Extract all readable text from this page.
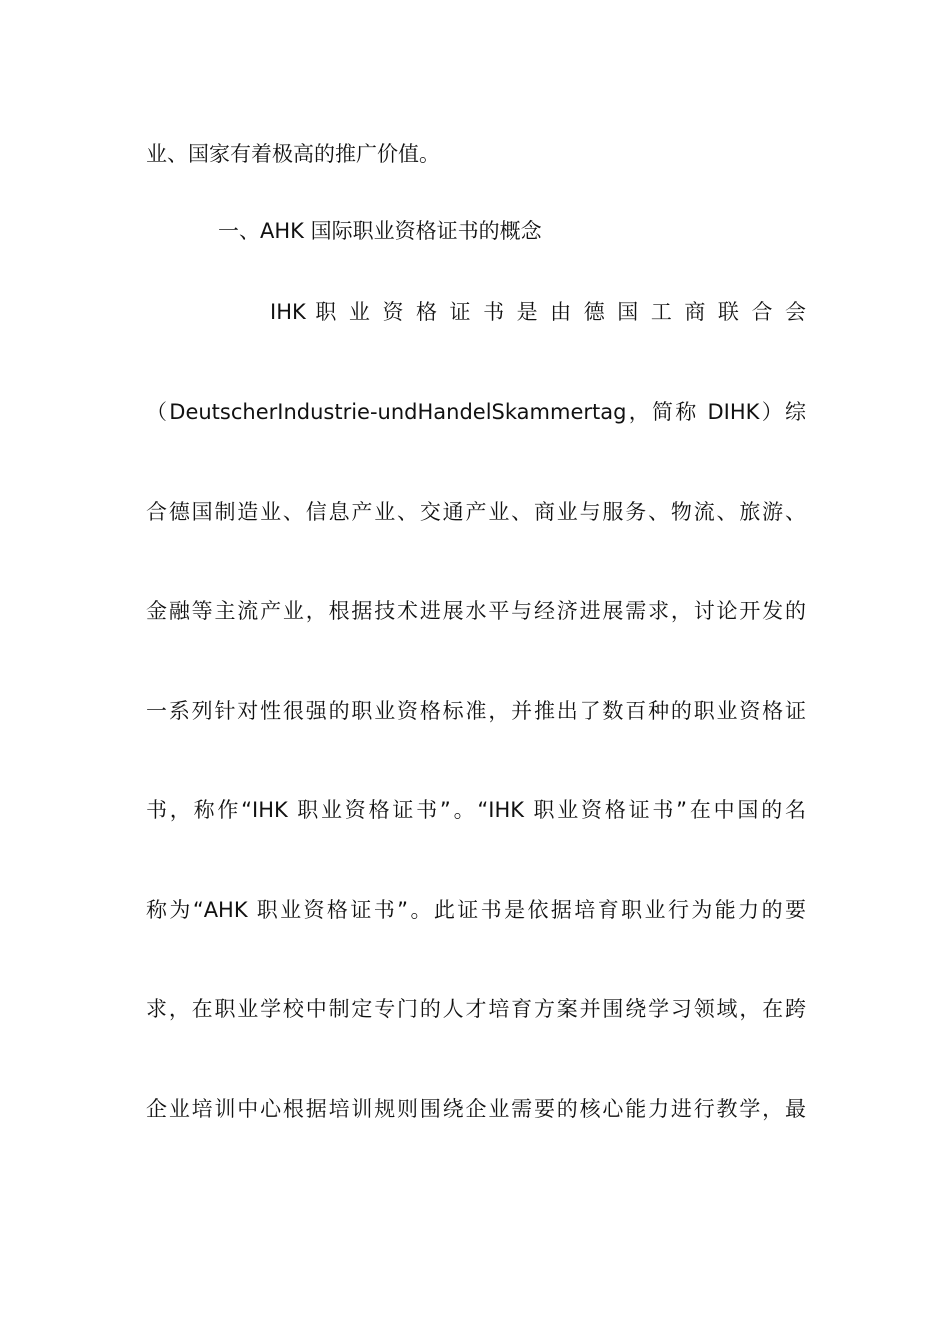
业、国家有着极高的推广价值。
一、AHK 国际职业资格证书的概念
IHK 职 业 资 格 证 书 是 由 德 国 工 商 联 合 会
（DeutscherIndustrie-undHandelSkammertag，简称 DIHK）综
合德国制造业、信息产业、交通产业、商业与服务、物流、旅游、
金融等主流产业，根据技术进展水平与经济进展需求，讨论开发的
一系列针对性很强的职业资格标准，并推出了数百种的职业资格证
书，称作“IHK 职业资格证书”。“IHK 职业资格证书”在中国的名
称为“AHK 职业资格证书”。此证书是依据培育职业行为能力的要
求，在职业学校中制定专门的人才培育方案并围绕学习领域，在跨
企业培训中心根据培训规则围绕企业需要的核心能力进行教学，最
